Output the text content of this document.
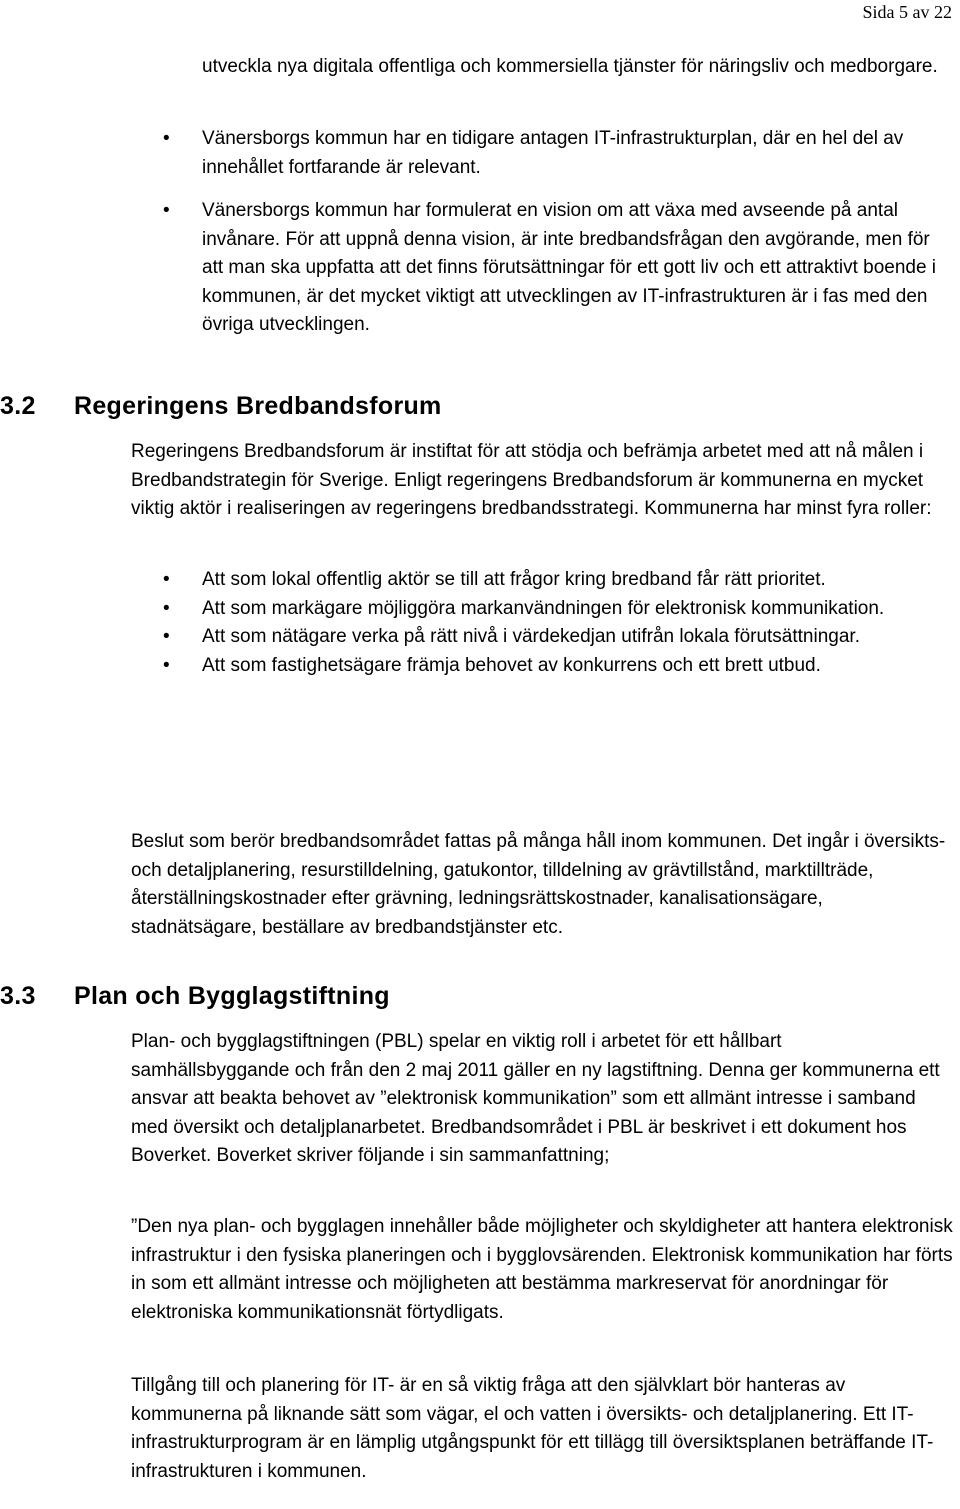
Sida 5 av 22
utveckla nya digitala offentliga och kommersiella tjänster för näringsliv och medborgare.
• Vänersborgs kommun har en tidigare antagen IT-infrastrukturplan, där en hel del av innehållet fortfarande är relevant.
• Vänersborgs kommun har formulerat en vision om att växa med avseende på antal invånare. För att uppnå denna vision, är inte bredbandsfrågan den avgörande, men för att man ska uppfatta att det finns förutsättningar för ett gott liv och ett attraktivt boende i kommunen, är det mycket viktigt att utvecklingen av IT-infrastrukturen är i fas med den övriga utvecklingen.
3.2 Regeringens Bredbandsforum
Regeringens Bredbandsforum är instiftat för att stödja och befrämja arbetet med att nå målen i Bredbandstrategin för Sverige. Enligt regeringens Bredbandsforum är kommunerna en mycket viktig aktör i realiseringen av regeringens bredbandsstrategi. Kommunerna har minst fyra roller:
• Att som lokal offentlig aktör se till att frågor kring bredband får rätt prioritet.
• Att som markägare möjliggöra markanvändningen för elektronisk kommunikation.
• Att som nätägare verka på rätt nivå i värdekedjan utifrån lokala förutsättningar.
• Att som fastighetsägare främja behovet av konkurrens och ett brett utbud.
Beslut som berör bredbandsområdet fattas på många håll inom kommunen. Det ingår i översikts- och detaljplanering, resurstilldelning, gatukontor, tilldelning av grävtillstånd, marktillträde, återställningskostnader efter grävning, ledningsrättskostnader, kanalisationsägare, stadnätsägare, beställare av bredbandstjänster etc.
3.3 Plan och Bygglagstiftning
Plan- och bygglagstiftningen (PBL) spelar en viktig roll i arbetet för ett hållbart samhällsbyggande och från den 2 maj 2011 gäller en ny lagstiftning. Denna ger kommunerna ett ansvar att beakta behovet av ”elektronisk kommunikation” som ett allmänt intresse i samband med översikt och detaljplanarbetet. Bredbandsområdet i PBL är beskrivet i ett dokument hos Boverket. Boverket skriver följande i sin sammanfattning;
”Den nya plan- och bygglagen innehåller både möjligheter och skyldigheter att hantera elektronisk infrastruktur i den fysiska planeringen och i bygglovsärenden. Elektronisk kommunikation har förts in som ett allmänt intresse och möjligheten att bestämma markreservat för anordningar för elektroniska kommunikationsnät förtydligats.
Tillgång till och planering för IT- är en så viktig fråga att den självklart bör hanteras av kommunerna på liknande sätt som vägar, el och vatten i översikts- och detaljplanering. Ett IT-infrastrukturprogram är en lämplig utgångspunkt för ett tillägg till översiktsplanen beträffande IT- infrastrukturen i kommunen.
